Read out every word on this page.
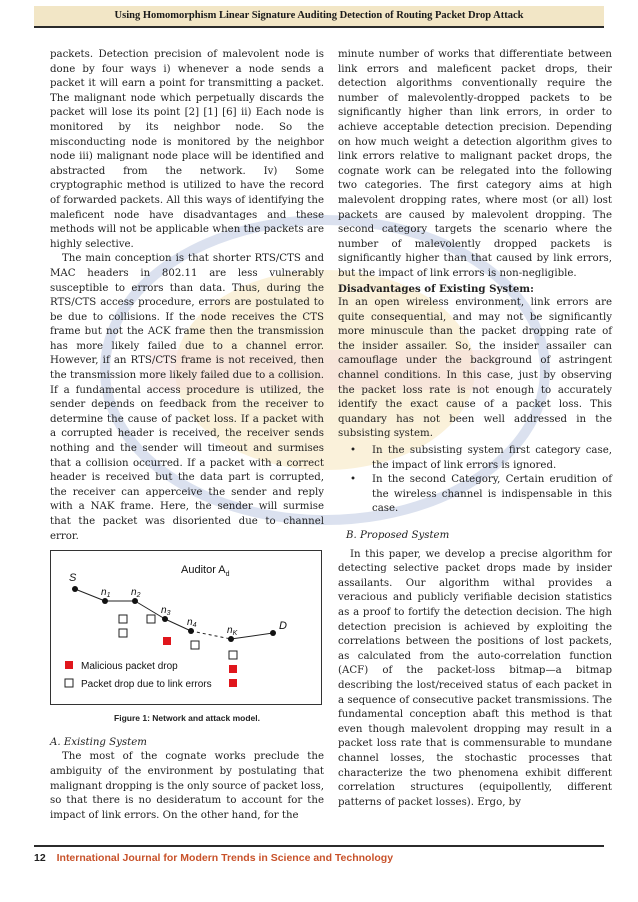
Using Homomorphism Linear Signature Auditing Detection of Routing Packet Drop Attack

packets. Detection precision of malevolent node is done by four ways i) whenever a node sends a packet it will earn a point for transmitting a packet. The malignant node which perpetually discards the packet will lose its point [2] [1] [6] ii) Each node is monitored by its neighbor node. So the misconducting node is monitored by the neighbor node iii) malignant node place will be identified and abstracted from the network. Iv) Some cryptographic method is utilized to have the record of forwarded packets. All this ways of identifying the maleficent node have disadvantages and these methods will not be applicable when the packets are highly selective.

The main conception is that shorter RTS/CTS and MAC headers in 802.11 are less vulnerably susceptible to errors than data. Thus, during the RTS/CTS access procedure, errors are postulated to be due to collisions. If the node receives the CTS frame but not the ACK frame then the transmission has more likely failed due to a channel error. However, if an RTS/CTS frame is not received, then the transmission more likely failed due to a collision. If a fundamental access procedure is utilized, the sender depends on feedback from the receiver to determine the cause of packet loss. If a packet with a corrupted header is received, the receiver sends nothing and the sender will timeout and surmises that a collision occurred. If a packet with a correct header is received but the data part is corrupted, the receiver can apperceive the sender and reply with a NAK frame. Here, the sender will surmise that the packet was disoriented due to channel error.

Auditor $A_d$
S
$n_1$ $n_2$
$n_3$
$n_4$	$n_K$
D
Malicious packet drop
Packet drop due to link errors
Figure 1: Network and attack model.

A. Existing System

The most of the cognate works preclude the ambiguity of the environment by postulating that malignant dropping is the only source of packet loss, so that there is no desideratum to account for the impact of link errors. On the other hand, for the

minute number of works that differentiate between link errors and maleficent packet drops, their detection algorithms conventionally require the number of malevolently-dropped packets to be significantly higher than link errors, in order to achieve acceptable detection precision. Depending on how much weight a detection algorithm gives to link errors relative to malignant packet drops, the cognate work can be relegated into the following two categories. The first category aims at high malevolent dropping rates, where most (or all) lost packets are caused by malevolent dropping. The second category targets the scenario where the number of malevolently dropped packets is significantly higher than that caused by link errors, but the impact of link errors is non-negligible.

Disadvantages of Existing System:

In an open wireless environment, link errors are quite consequential, and may not be significantly more minuscule than the packet dropping rate of the insider assailer. So, the insider assailer can camouflage under the background of astringent channel conditions. In this case, just by observing the packet loss rate is not enough to accurately identify the exact cause of a packet loss. This quandary has not been well addressed in the subsisting system.

• In the subsisting system first category case, the impact of link errors is ignored.
• In the second Category, Certain erudition of the wireless channel is indispensable in this case.

B. Proposed System

In this paper, we develop a precise algorithm for detecting selective packet drops made by insider assailants. Our algorithm withal provides a veracious and publicly verifiable decision statistics as a proof to fortify the detection decision. The high detection precision is achieved by exploiting the correlations between the positions of lost packets, as calculated from the auto-correlation function (ACF) of the packet-loss bitmap—a bitmap describing the lost/received status of each packet in a sequence of consecutive packet transmissions. The fundamental conception abaft this method is that even though malevolent dropping may result in a packet loss rate that is commensurable to mundane channel losses, the stochastic processes that characterize the two phenomena exhibit different correlation structures (equipollently, different patterns of packet losses). Ergo, by

12 International Journal for Modern Trends in Science and Technology
